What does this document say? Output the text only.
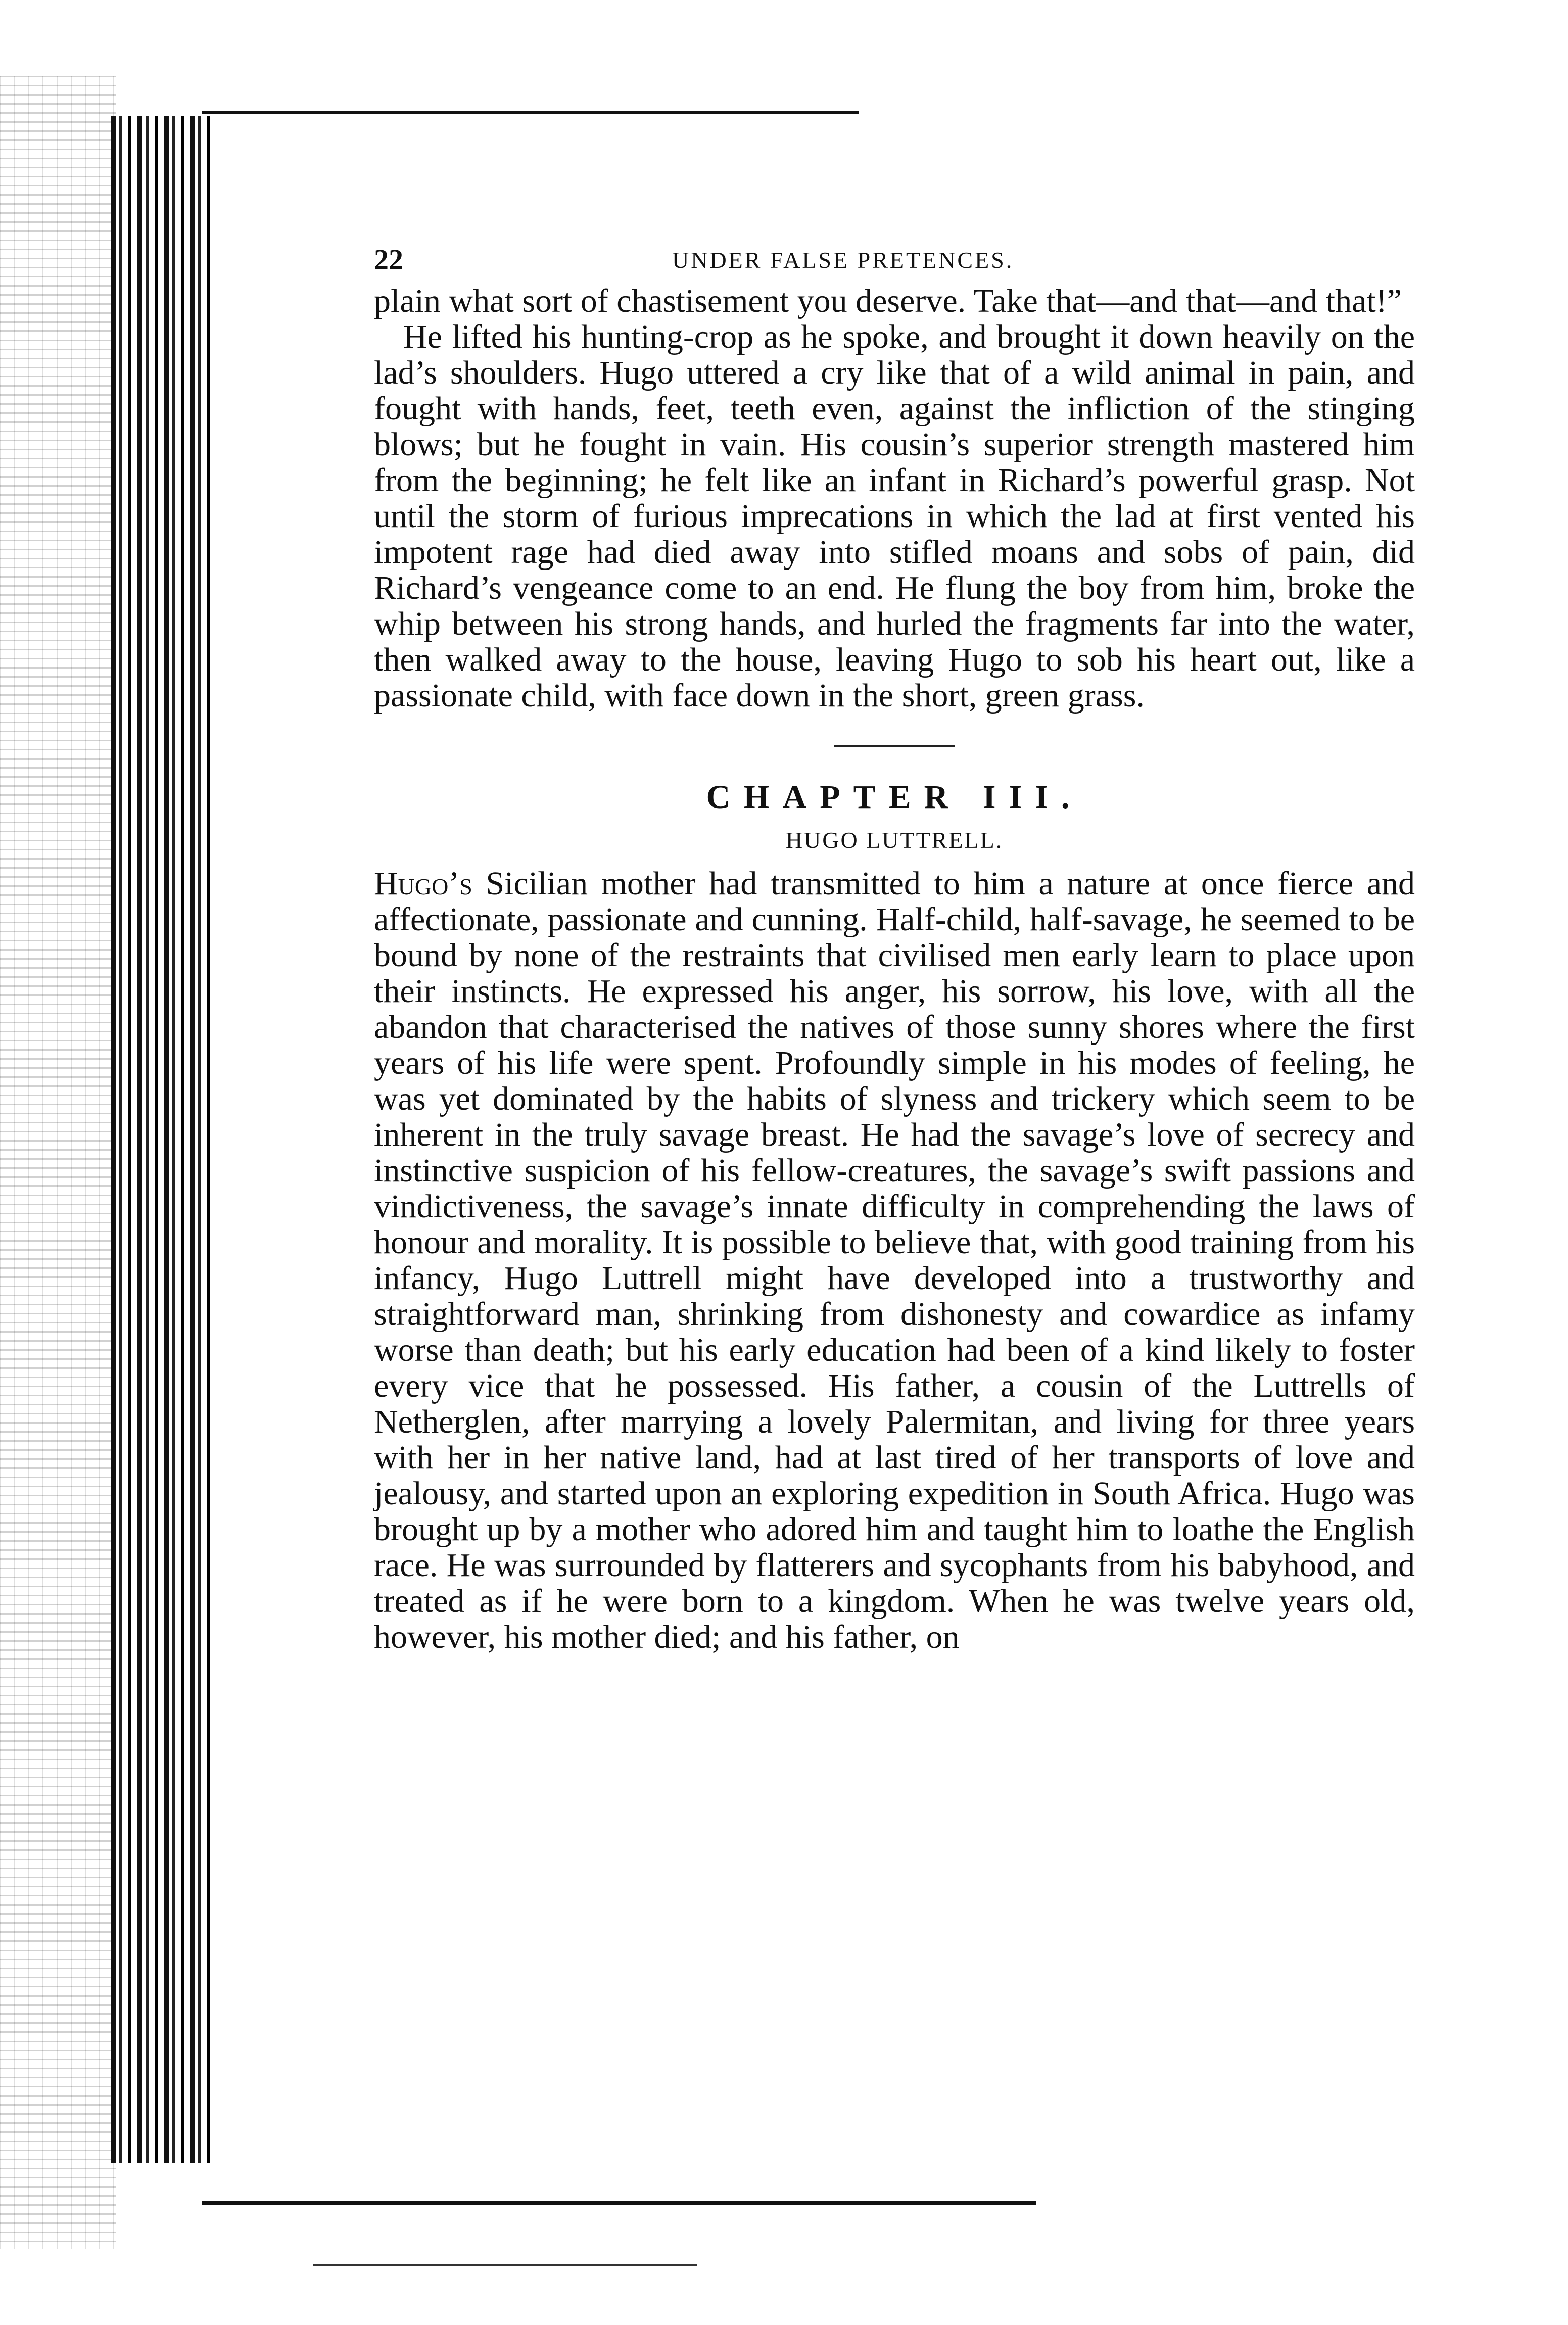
22	UNDER FALSE PRETENCES.

plain what sort of chastisement you deserve. Take that—and that—and that!”

He lifted his hunting-crop as he spoke, and brought it down heavily on the lad’s shoulders. Hugo uttered a cry like that of a wild animal in pain, and fought with hands, feet, teeth even, against the infliction of the stinging blows; but he fought in vain. His cousin’s superior strength mastered him from the beginning; he felt like an infant in Richard’s powerful grasp. Not until the storm of furious imprecations in which the lad at first vented his impotent rage had died away into stifled moans and sobs of pain, did Richard’s vengeance come to an end. He flung the boy from him, broke the whip between his strong hands, and hurled the fragments far into the water, then walked away to the house, leaving Hugo to sob his heart out, like a passionate child, with face down in the short, green grass.

CHAPTER III.
HUGO LUTTRELL.

Hugo’s Sicilian mother had transmitted to him a nature at once fierce and affectionate, passionate and cunning. Half-child, half-savage, he seemed to be bound by none of the restraints that civilised men early learn to place upon their instincts. He expressed his anger, his sorrow, his love, with all the abandon that characterised the natives of those sunny shores where the first years of his life were spent. Profoundly simple in his modes of feeling, he was yet dominated by the habits of slyness and trickery which seem to be inherent in the truly savage breast. He had the savage’s love of secrecy and instinctive suspicion of his fellow-creatures, the savage’s swift passions and vindictiveness, the savage’s innate difficulty in comprehending the laws of honour and morality. It is possible to believe that, with good training from his infancy, Hugo Luttrell might have developed into a trustworthy and straightforward man, shrinking from dishonesty and cowardice as infamy worse than death; but his early education had been of a kind likely to foster every vice that he possessed. His father, a cousin of the Luttrells of Netherglen, after marrying a lovely Palermitan, and living for three years with her in her native land, had at last tired of her transports of love and jealousy, and started upon an exploring expedition in South Africa. Hugo was brought up by a mother who adored him and taught him to loathe the English race. He was surrounded by flatterers and sycophants from his babyhood, and treated as if he were born to a kingdom. When he was twelve years old, however, his mother died; and his father, on
